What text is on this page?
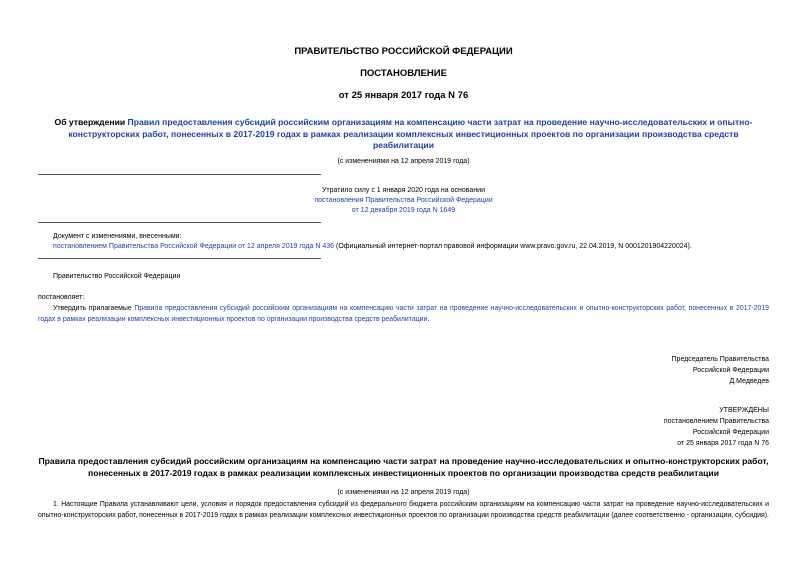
ПРАВИТЕЛЬСТВО РОССИЙСКОЙ ФЕДЕРАЦИИ
ПОСТАНОВЛЕНИЕ
от 25 января 2017 года N 76
Об утверждении Правил предоставления субсидий российским организациям на компенсацию части затрат на проведение научно-исследовательских и опытно-конструкторских работ, понесенных в 2017-2019 годах в рамках реализации комплексных инвестиционных проектов по организации производства средств реабилитации
(с изменениями на 12 апреля 2019 года)
Утратило силу с 1 января 2020 года на основании
постановления Правительства Российской Федерации
от 12 декабря 2019 года N 1649
Документ с изменениями, внесенными:
постановлением Правительства Российской Федерации от 12 апреля 2019 года N 436 (Официальный интернет-портал правовой информации www.pravo.gov.ru, 22.04.2019, N 0001201904220024).
Правительство Российской Федерации
постановляет:
Утвердить прилагаемые Правила предоставления субсидий российским организациям на компенсацию части затрат на проведение научно-исследовательских и опытно-конструкторских работ, понесенных в 2017-2019 годах в рамках реализации комплексных инвестиционных проектов по организации производства средств реабилитации.
Председатель Правительства
Российской Федерации
Д.Медведев
УТВЕРЖДЕНЫ
постановлением Правительства
Российской Федерации
от 25 января 2017 года N 76
Правила предоставления субсидий российским организациям на компенсацию части затрат на проведение научно-исследовательских и опытно-конструкторских работ, понесенных в 2017-2019 годах в рамках реализации комплексных инвестиционных проектов по организации производства средств реабилитации
(с изменениями на 12 апреля 2019 года)
1. Настоящие Правила устанавливают цели, условия и порядок предоставления субсидий из федерального бюджета российским организациям на компенсацию части затрат на проведение научно-исследовательских и опытно-конструкторских работ, понесенных в 2017-2019 годах в рамках реализации комплексных инвестиционных проектов по организации производства средств реабилитации (далее соответственно - организации, субсидия).
